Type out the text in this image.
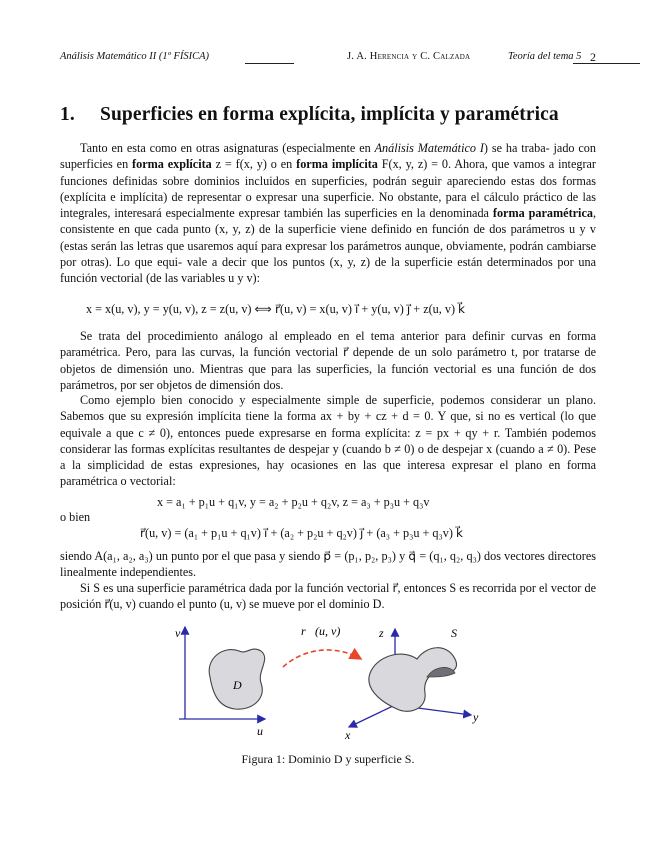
Análisis Matemático II (1º FÍSICA)	J. A. Herencia y C. Calzada	Teoría del tema 5 2
1. Superficies en forma explícita, implícita y paramétrica

Tanto en esta como en otras asignaturas (especialmente en Análisis Matemático I) se ha traba- jado con superficies en forma explícita z = f(x, y) o en forma implícita F(x, y, z) = 0. Ahora, que vamos a integrar funciones definidas sobre dominios incluidos en superficies, podrán seguir apareciendo estas dos formas (explícita e implícita) de representar o expresar una superficie. No obstante, para el cálculo práctico de las integrales, interesará especialmente expresar también las superficies en la denominada forma paramétrica, consistente en que cada punto (x, y, z) de la superficie viene definido en función de dos parámetros u y v (estas serán las letras que usaremos aquí para expresar los parámetros aunque, obviamente, podrán cambiarse por otras). Lo que equi- vale a decir que los puntos (x, y, z) de la superficie están determinados por una función vectorial (de las variables u y v):

x = x(u, v), y = y(u, v), z = z(u, v) ⟺ r⃗(u, v) = x(u, v) i⃗ + y(u, v) j⃗ + z(u, v) k⃗

Se trata del procedimiento análogo al empleado en el tema anterior para definir curvas en forma paramétrica. Pero, para las curvas, la función vectorial r⃗ depende de un solo parámetro t, por tratarse de objetos de dimensión uno. Mientras que para las superficies, la función vectorial es una función de dos parámetros, por ser objetos de dimensión dos.

Como ejemplo bien conocido y especialmente simple de superficie, podemos considerar un plano. Sabemos que su expresión implícita tiene la forma ax + by + cz + d = 0. Y que, si no es vertical (lo que equivale a que c ≠ 0), entonces puede expresarse en forma explícita: z = px + qy + r. También podemos considerar las formas explícitas resultantes de despejar y (cuando b ≠ 0) o de despejar x (cuando a ≠ 0). Pese a la simplicidad de estas expresiones, hay ocasiones en las que interesa expresar el plano en forma paramétrica o vectorial:

x = a₁ + p₁u + q₁v, y = a₂ + p₂u + q₂v, z = a₃ + p₃u + q₃v
o bien
r⃗(u, v) = (a₁ + p₁u + q₁v) i⃗ + (a₂ + p₂u + q₂v) j⃗ + (a₃ + p₃u + q₃v) k⃗

siendo A(a₁, a₂, a₃) un punto por el que pasa y siendo p⃗ = (p₁, p₂, p₃) y q⃗ = (q₁, q₂, q₃) dos vectores directores linealmente independientes.

Si S es una superficie paramétrica dada por la función vectorial r⃗, entonces S es recorrida por el vector de posición r⃗(u, v) cuando el punto (u, v) se mueve por el dominio D.

v
u
D
r⃗(u, v)	z
y
x
S
Figura 1: Dominio D y superficie S.
